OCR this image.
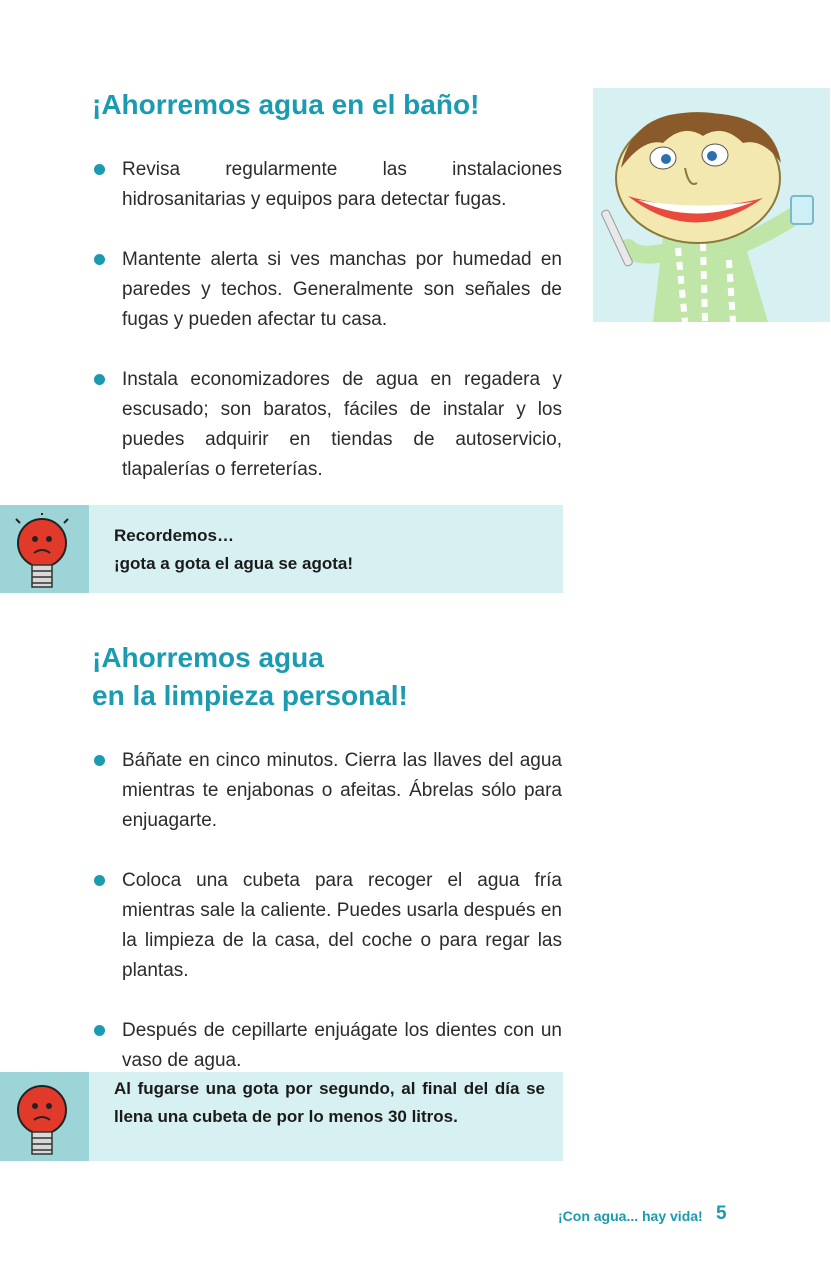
¡Ahorremos agua en el baño!
Revisa regularmente las instalaciones hidrosanitarias y equipos para detectar fugas.
Mantente alerta si ves manchas por humedad en paredes y techos. Generalmente son señales de fugas y pueden afectar tu casa.
Instala economizadores de agua en regadera y escusado; son baratos, fáciles de instalar y los puedes adquirir en tiendas de autoservicio, tlapalerías o ferreterías.
Recordemos…
¡gota a gota el agua se agota!
¡Ahorremos agua
en la limpieza personal!
Báñate en cinco minutos. Cierra las llaves del agua mientras te enjabonas o afeitas. Ábrelas sólo para enjuagarte.
Coloca una cubeta para recoger el agua fría mientras sale la caliente. Puedes usarla después en la limpieza de la casa, del coche o para regar las plantas.
Después de cepillarte enjuágate los dientes con un vaso de agua.
Al fugarse una gota por segundo, al final del día se llena una cubeta de por lo menos 30 litros.
¡Con agua... hay vida! 5
